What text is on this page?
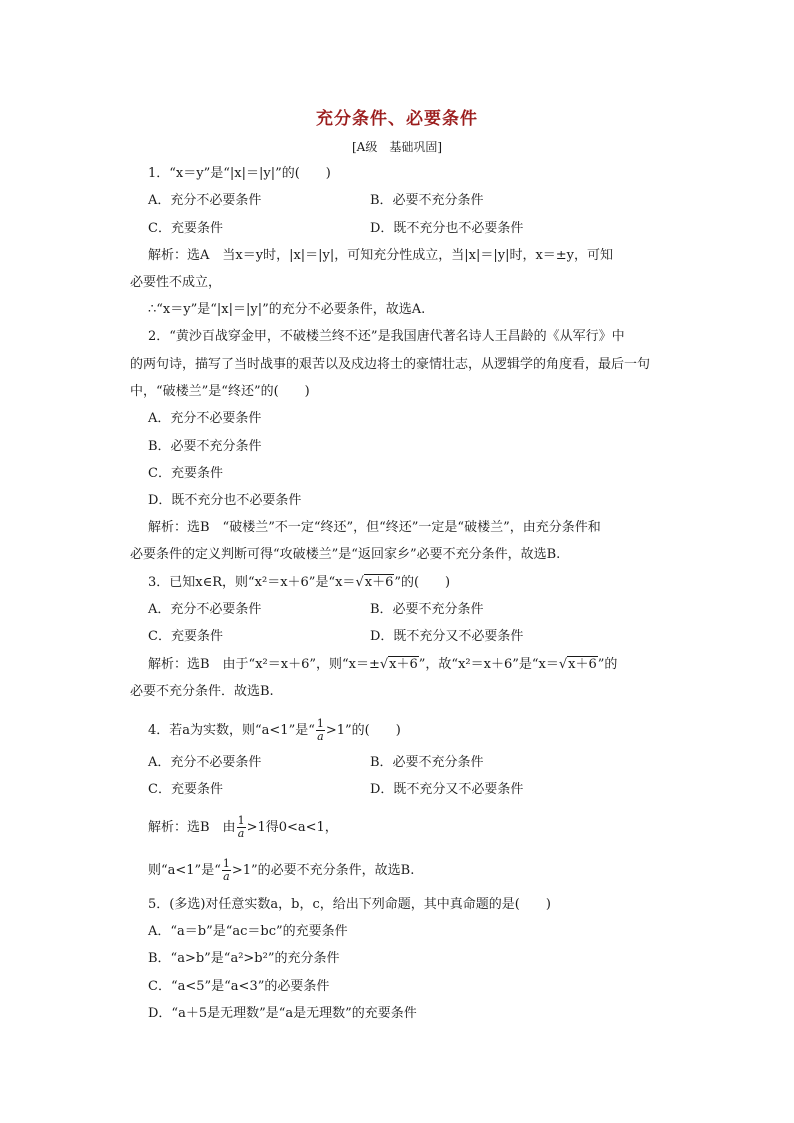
充分条件、必要条件
[A级　基础巩固]
1．“x＝y”是“|x|＝|y|”的(　　)
A．充分不必要条件	B．必要不充分条件
C．充要条件	D．既不充分也不必要条件
解析：选A　当x＝y时，|x|＝|y|，可知充分性成立，当|x|＝|y|时，x＝±y，可知
必要性不成立，
∴“x＝y”是“|x|＝|y|”的充分不必要条件，故选A.
2．“黄沙百战穿金甲，不破楼兰终不还”是我国唐代著名诗人王昌龄的《从军行》中
的两句诗，描写了当时战事的艰苦以及戍边将士的豪情壮志，从逻辑学的角度看，最后一句
中，“破楼兰”是“终还”的(　　)
A．充分不必要条件
B．必要不充分条件
C．充要条件
D．既不充分也不必要条件
解析：选B　“破楼兰”不一定“终还”，但“终还”一定是“破楼兰”，由充分条件和
必要条件的定义判断可得“攻破楼兰”是“返回家乡”必要不充分条件，故选B.
3．已知x∈R，则“x²＝x＋6”是“x＝√x＋6”的(　　)
A．充分不必要条件	B．必要不充分条件
C．充要条件	D．既不充分又不必要条件
解析：选B　由于“x²＝x＋6”，则“x＝±√x＋6”，故“x²＝x＋6”是“x＝√x＋6”的
必要不充分条件．故选B.
4．若a为实数，则“a<1”是“ $\frac{1}{a} >1$”的(　　)
A．充分不必要条件	B．必要不充分条件
C．充要条件	D．既不充分又不必要条件
解析：选B　由 $\frac{1}{a} >1$得0<a<1，
则“a<1”是“ $\frac{1}{a} >1$”的必要不充分条件，故选B.
5．(多选)对任意实数a，b，c，给出下列命题，其中真命题的是(　　)
A．“a＝b”是“ac＝bc”的充要条件
B．“a>b”是“a²>b²”的充分条件
C．“a<5”是“a<3”的必要条件
D．“a＋5是无理数”是“a是无理数”的充要条件
